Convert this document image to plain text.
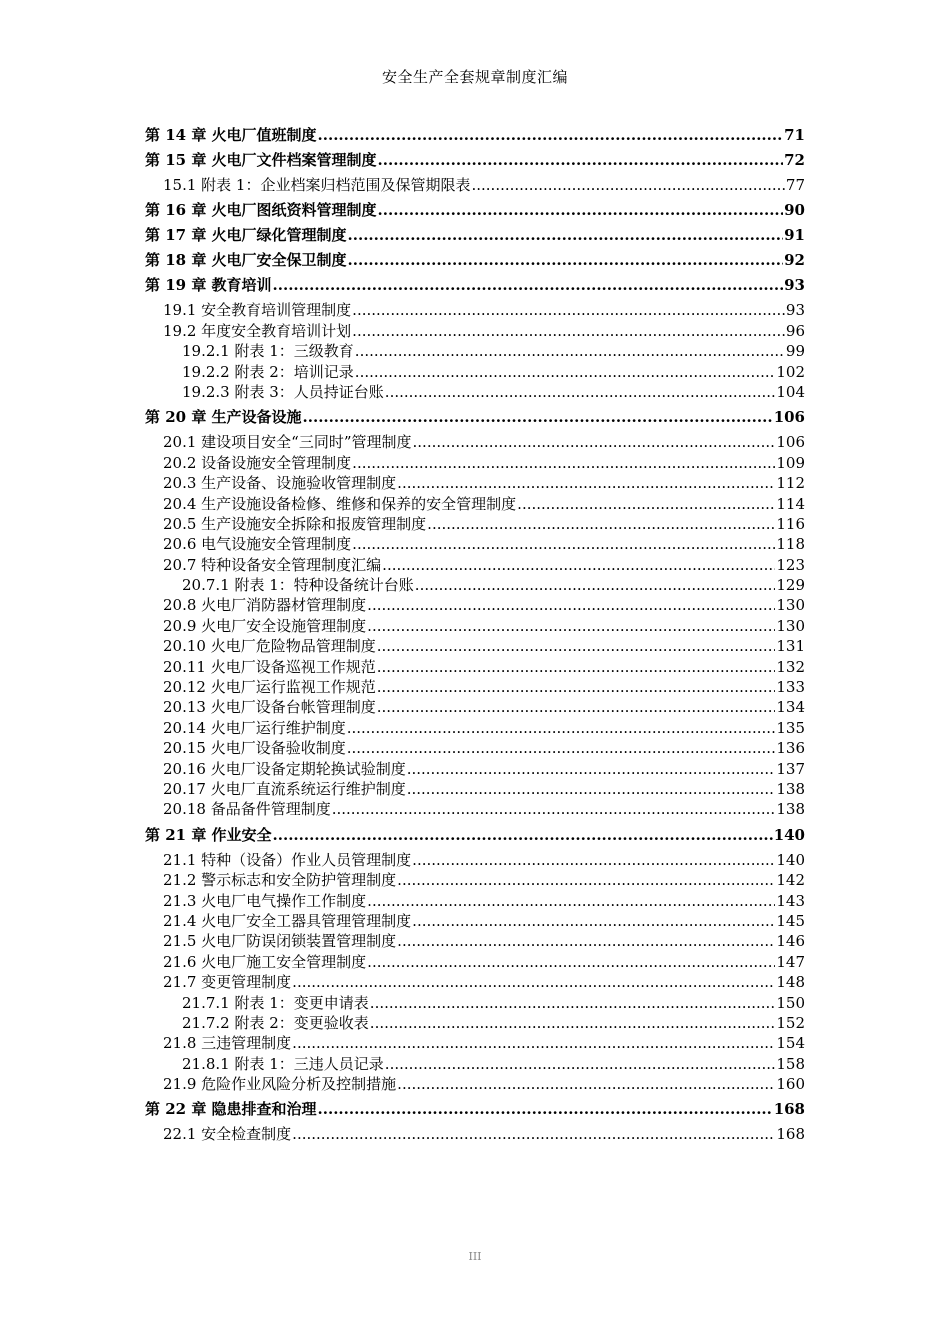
安全生产全套规章制度汇编
第 14 章 火电厂值班制度 .....	71
第 15 章 火电厂文件档案管理制度 .....	72
15.1 附表 1：企业档案归档范围及保管期限表 .....	77
第 16 章 火电厂图纸资料管理制度 .....	90
第 17 章 火电厂绿化管理制度 .....	91
第 18 章 火电厂安全保卫制度 .....	92
第 19 章 教育培训 .....	93
19.1 安全教育培训管理制度 .....	93
19.2 年度安全教育培训计划 .....	96
19.2.1 附表 1：三级教育 .....	99
19.2.2 附表 2：培训记录 .....	102
19.2.3 附表 3：人员持证台账 .....	104
第 20 章 生产设备设施 .....	106
20.1 建设项目安全“三同时”管理制度 .....	106
20.2 设备设施安全管理制度 .....	109
20.3 生产设备、设施验收管理制度 .....	112
20.4 生产设施设备检修、维修和保养的安全管理制度 .....	114
20.5 生产设施安全拆除和报废管理制度 .....	116
20.6 电气设施安全管理制度 .....	118
20.7 特种设备安全管理制度汇编 .....	123
20.7.1 附表 1：特种设备统计台账 .....	129
20.8 火电厂消防器材管理制度 .....	130
20.9 火电厂安全设施管理制度 .....	130
20.10 火电厂危险物品管理制度 .....	131
20.11 火电厂设备巡视工作规范 .....	132
20.12 火电厂运行监视工作规范 .....	133
20.13 火电厂设备台帐管理制度 .....	134
20.14 火电厂运行维护制度 .....	135
20.15 火电厂设备验收制度 .....	136
20.16 火电厂设备定期轮换试验制度 .....	137
20.17 火电厂直流系统运行维护制度 .....	138
20.18 备品备件管理制度 .....	138
第 21 章 作业安全 .....	140
21.1 特种（设备）作业人员管理制度 .....	140
21.2 警示标志和安全防护管理制度 .....	142
21.3 火电厂电气操作工作制度 .....	143
21.4 火电厂安全工器具管理管理制度 .....	145
21.5 火电厂防误闭锁装置管理制度 .....	146
21.6 火电厂施工安全管理制度 .....	147
21.7 变更管理制度 .....	148
21.7.1 附表 1：变更申请表 .....	150
21.7.2 附表 2：变更验收表 .....	152
21.8 三违管理制度 .....	154
21.8.1 附表 1：三违人员记录 .....	158
21.9 危险作业风险分析及控制措施 .....	160
第 22 章 隐患排查和治理 .....	168
22.1 安全检查制度 .....	168
III
